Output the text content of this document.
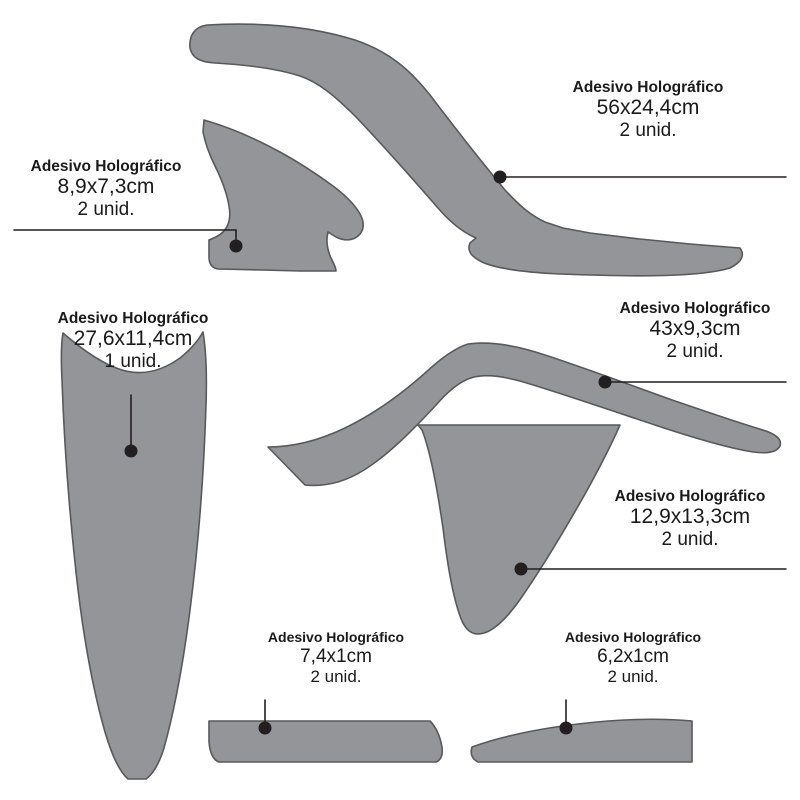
Adesivo Holográfico
8,9x7,3cm
2 unid.
Adesivo Holográfico
56x24,4cm
2 unid.
Adesivo Holográfico
27,6x11,4cm
1 unid.
Adesivo Holográfico
43x9,3cm
2 unid.
Adesivo Holográfico
12,9x13,3cm
2 unid.
Adesivo Holográfico
7,4x1cm
2 unid.
Adesivo Holográfico
6,2x1cm
2 unid.
